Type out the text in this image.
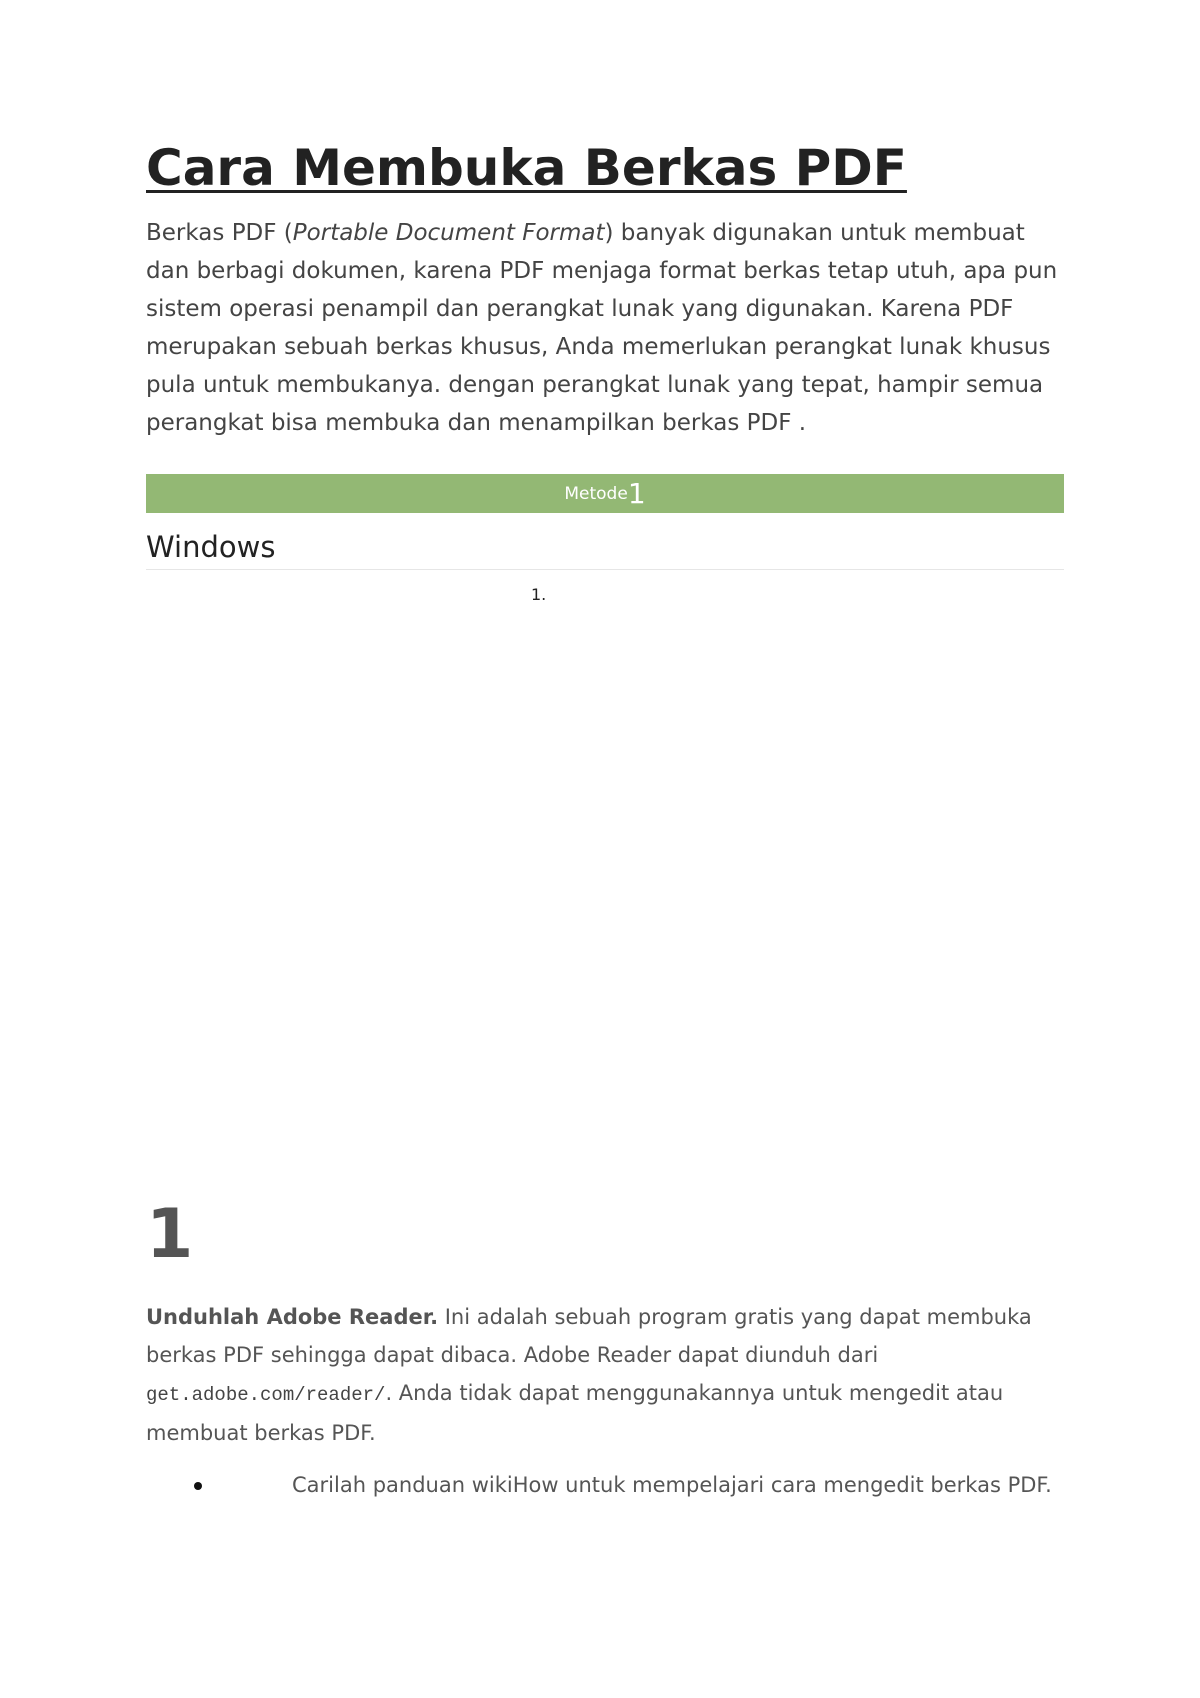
Cara Membuka Berkas PDF

Berkas PDF (Portable Document Format) banyak digunakan untuk membuat dan berbagi dokumen, karena PDF menjaga format berkas tetap utuh, apa pun sistem operasi penampil dan perangkat lunak yang digunakan. Karena PDF merupakan sebuah berkas khusus, Anda memerlukan perangkat lunak khusus pula untuk membukanya. dengan perangkat lunak yang tepat, hampir semua perangkat bisa membuka dan menampilkan berkas PDF .

Metode 1
Windows
1.
1

Unduhlah Adobe Reader. Ini adalah sebuah program gratis yang dapat membuka berkas PDF sehingga dapat dibaca. Adobe Reader dapat diunduh dari get.adobe.com/reader/. Anda tidak dapat menggunakannya untuk mengedit atau membuat berkas PDF.

Carilah panduan wikiHow untuk mempelajari cara mengedit berkas PDF.
